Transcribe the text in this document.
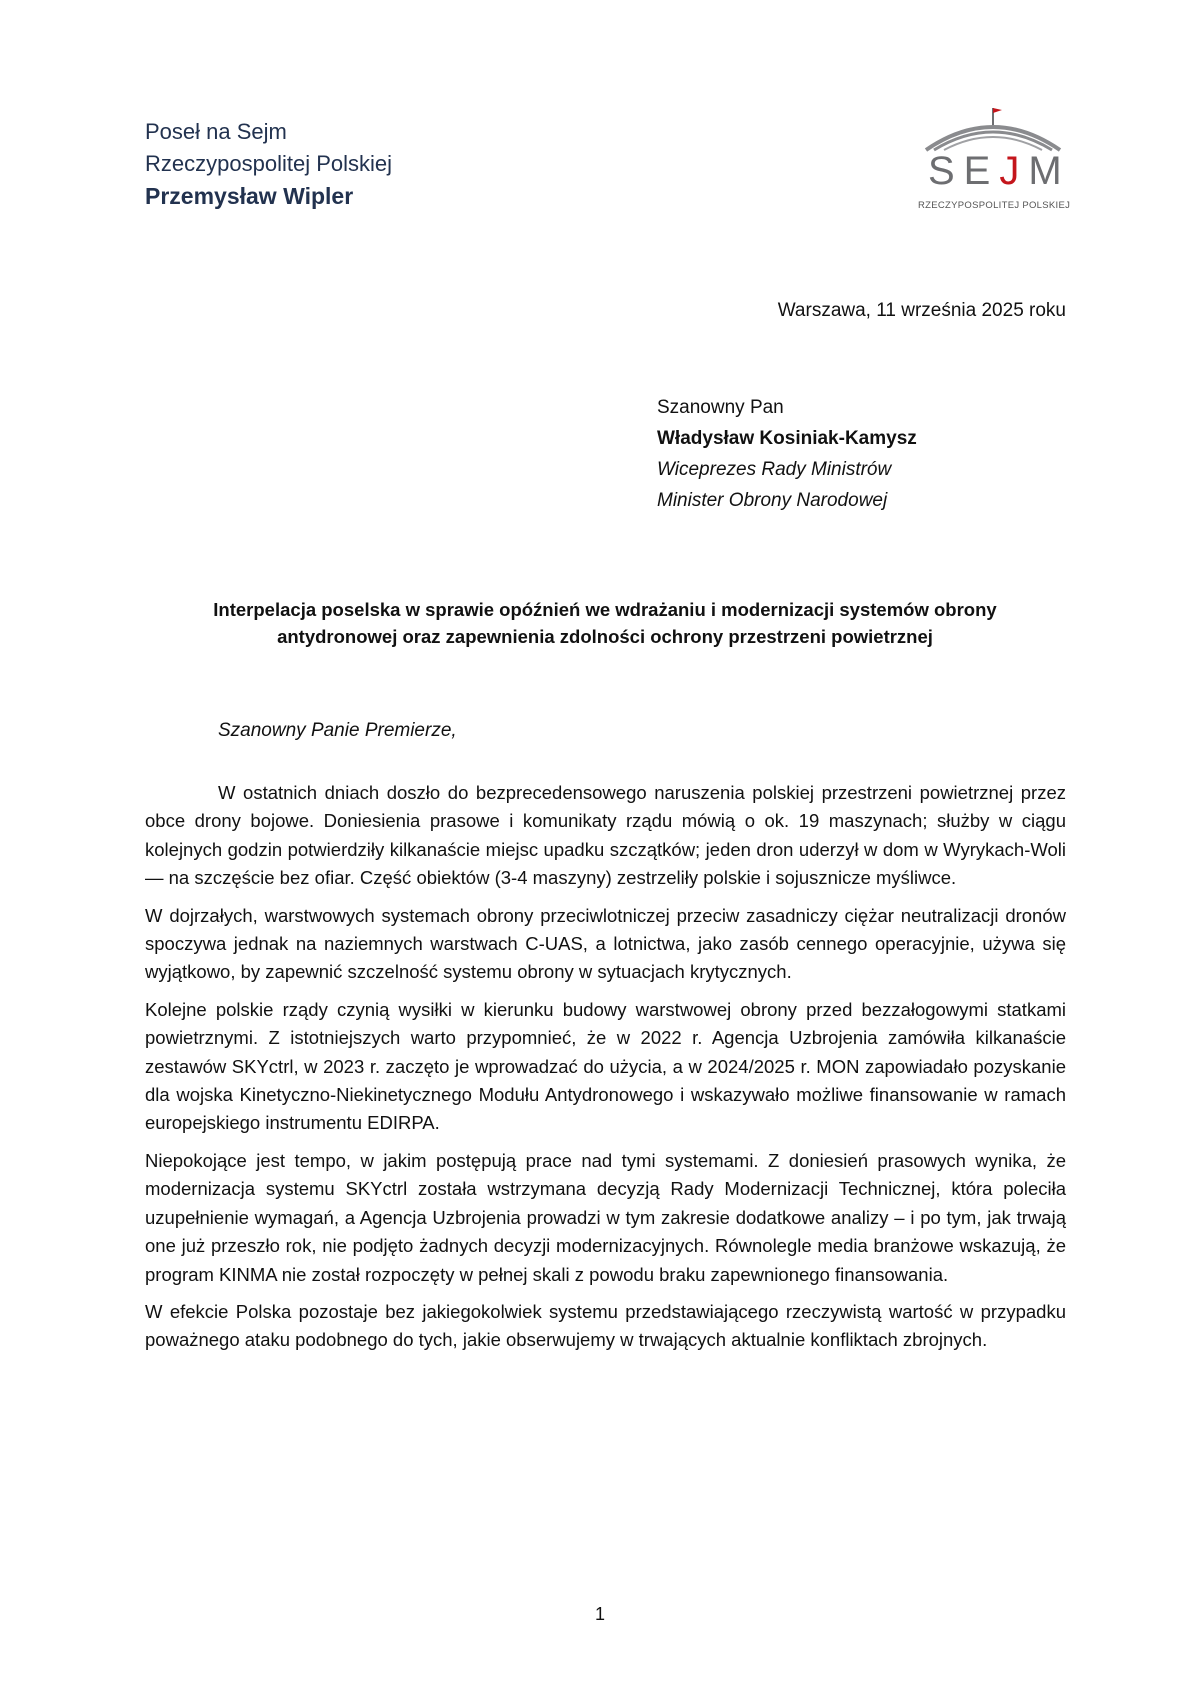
Poseł na Sejm
Rzeczypospolitej Polskiej
Przemysław Wipler
SEJM
RZECZYPOSPOLITEJ POLSKIEJ
Warszawa, 11 września 2025 roku
Szanowny Pan
Władysław Kosiniak-Kamysz
Wiceprezes Rady Ministrów
Minister Obrony Narodowej
Interpelacja poselska w sprawie opóźnień we wdrażaniu i modernizacji systemów obrony
antydronowej oraz zapewnienia zdolności ochrony przestrzeni powietrznej
Szanowny Panie Premierze,

W ostatnich dniach doszło do bezprecedensowego naruszenia polskiej przestrzeni powietrznej przez obce drony bojowe. Doniesienia prasowe i komunikaty rządu mówią o ok. 19 maszynach; służby w ciągu kolejnych godzin potwierdziły kilkanaście miejsc upadku szczątków; jeden dron uderzył w dom w Wyrykach-Woli — na szczęście bez ofiar. Część obiektów (3-4 maszyny) zestrzeliły polskie i sojusznicze myśliwce.

W dojrzałych, warstwowych systemach obrony przeciwlotniczej przeciw zasadniczy ciężar neutralizacji dronów spoczywa jednak na naziemnych warstwach C-UAS, a lotnictwa, jako zasób cennego operacyjnie, używa się wyjątkowo, by zapewnić szczelność systemu obrony w sytuacjach krytycznych.

Kolejne polskie rządy czynią wysiłki w kierunku budowy warstwowej obrony przed bezzałogowymi statkami powietrznymi. Z istotniejszych warto przypomnieć, że w 2022 r. Agencja Uzbrojenia zamówiła kilkanaście zestawów SKYctrl, w 2023 r. zaczęto je wprowadzać do użycia, a w 2024/2025 r. MON zapowiadało pozyskanie dla wojska Kinetyczno-Niekinetycznego Modułu Antydronowego i wskazywało możliwe finansowanie w ramach europejskiego instrumentu EDIRPA.

Niepokojące jest tempo, w jakim postępują prace nad tymi systemami. Z doniesień prasowych wynika, że modernizacja systemu SKYctrl została wstrzymana decyzją Rady Modernizacji Technicznej, która poleciła uzupełnienie wymagań, a Agencja Uzbrojenia prowadzi w tym zakresie dodatkowe analizy – i po tym, jak trwają one już przeszło rok, nie podjęto żadnych decyzji modernizacyjnych. Równolegle media branżowe wskazują, że program KINMA nie został rozpoczęty w pełnej skali z powodu braku zapewnionego finansowania.

W efekcie Polska pozostaje bez jakiegokolwiek systemu przedstawiającego rzeczywistą wartość w przypadku poważnego ataku podobnego do tych, jakie obserwujemy w trwających aktualnie konfliktach zbrojnych.

1
